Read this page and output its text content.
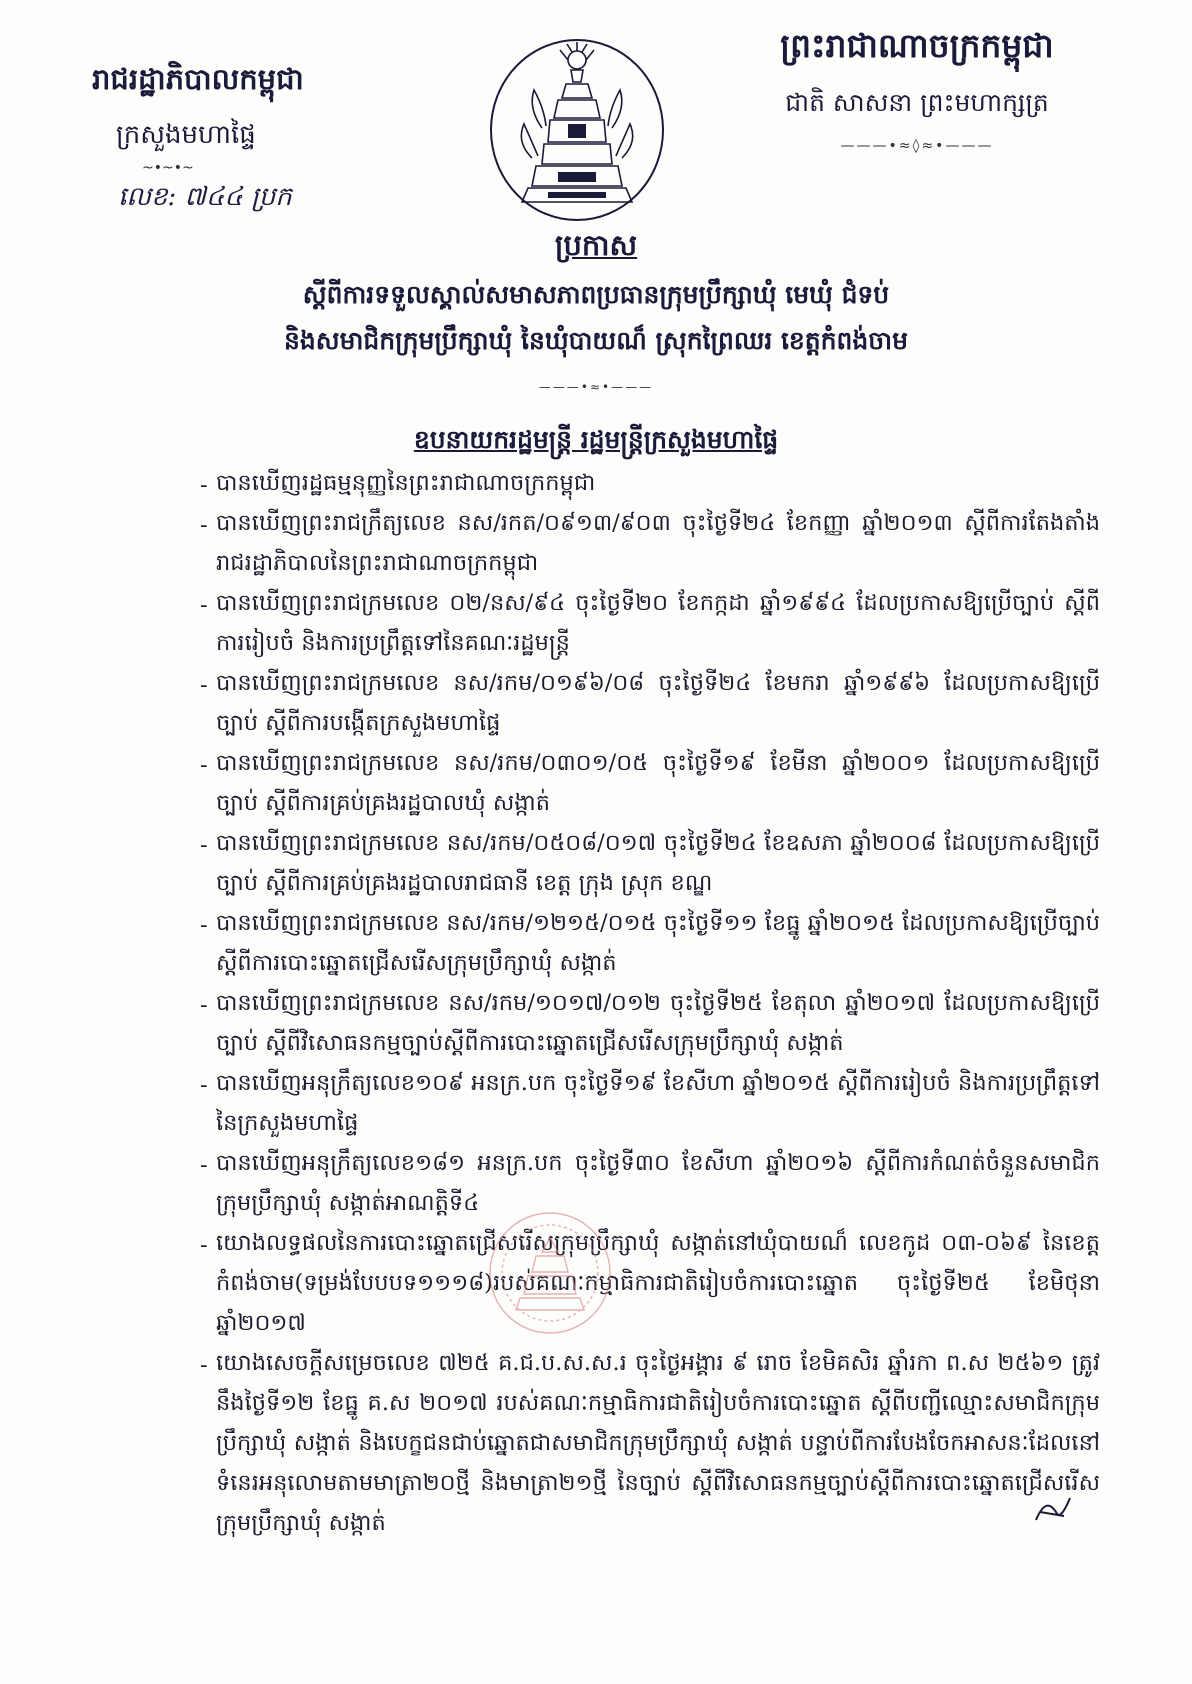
ព្រះរាជាណាចក្រកម្ពុជា
ជាតិ សាសនា ព្រះមហាក្សត្រ
———•≈◊≈•———
រាជរដ្ឋាភិបាលកម្ពុជា
ក្រសួងមហាផ្ទៃ
~•~•~
លេខ: ៧៤៤ ប្រក
ប្រកាស
ស្តីពីការទទួលស្គាល់សមាសភាពប្រធានក្រុមប្រឹក្សាឃុំ មេឃុំ ជំទប់
និងសមាជិកក្រុមប្រឹក្សាឃុំ នៃឃុំបាយណ៏ ស្រុកព្រៃឈរ ខេត្តកំពង់ចាម
———•≈•———
ឧបនាយករដ្ឋមន្ត្រី រដ្ឋមន្ត្រីក្រសួងមហាផ្ទៃ
- បានឃើញរដ្ឋធម្មនុញ្ញនៃព្រះរាជាណាចក្រកម្ពុជា
- បានឃើញព្រះរាជក្រឹត្យលេខ នស/រកត/០៩១៣/៩០៣ ចុះថ្ងៃទី២៤ ខែកញ្ញា ឆ្នាំ២០១៣ ស្តីពីការតែងតាំងរាជរដ្ឋាភិបាលនៃព្រះរាជាណាចក្រកម្ពុជា
- បានឃើញព្រះរាជក្រមលេខ ០២/នស/៩៤ ចុះថ្ងៃទី២០ ខែកក្កដា ឆ្នាំ១៩៩៤ ដែលប្រកាសឱ្យប្រើច្បាប់ ស្តីពីការរៀបចំ និងការប្រព្រឹត្តទៅនៃគណៈរដ្ឋមន្ត្រី
- បានឃើញព្រះរាជក្រមលេខ នស/រកម/០១៩៦/០៨ ចុះថ្ងៃទី២៤ ខែមករា ឆ្នាំ១៩៩៦ ដែលប្រកាសឱ្យប្រើច្បាប់ ស្តីពីការបង្កើតក្រសួងមហាផ្ទៃ
- បានឃើញព្រះរាជក្រមលេខ នស/រកម/០៣០១/០៥ ចុះថ្ងៃទី១៩ ខែមីនា ឆ្នាំ២០០១ ដែលប្រកាសឱ្យប្រើច្បាប់ ស្តីពីការគ្រប់គ្រងរដ្ឋបាលឃុំ សង្កាត់
- បានឃើញព្រះរាជក្រមលេខ នស/រកម/០៥០៨/០១៧ ចុះថ្ងៃទី២៤ ខែឧសភា ឆ្នាំ២០០៨ ដែលប្រកាសឱ្យប្រើច្បាប់ ស្តីពីការគ្រប់គ្រងរដ្ឋបាលរាជធានី ខេត្ត ក្រុង ស្រុក ខណ្ឌ
- បានឃើញព្រះរាជក្រមលេខ នស/រកម/១២១៥/០១៥ ចុះថ្ងៃទី១១ ខែធ្នូ ឆ្នាំ២០១៥ ដែលប្រកាសឱ្យប្រើច្បាប់ ស្តីពីការបោះឆ្នោតជ្រើសរើសក្រុមប្រឹក្សាឃុំ សង្កាត់
- បានឃើញព្រះរាជក្រមលេខ នស/រកម/១០១៧/០១២ ចុះថ្ងៃទី២៥ ខែតុលា ឆ្នាំ២០១៧ ដែលប្រកាសឱ្យប្រើច្បាប់ ស្តីពីវិសោធនកម្មច្បាប់ស្តីពីការបោះឆ្នោតជ្រើសរើសក្រុមប្រឹក្សាឃុំ សង្កាត់
- បានឃើញអនុក្រឹត្យលេខ១០៩ អនក្រ.បក ចុះថ្ងៃទី១៩ ខែសីហា ឆ្នាំ២០១៥ ស្តីពីការរៀបចំ និងការប្រព្រឹត្តទៅនៃក្រសួងមហាផ្ទៃ
- បានឃើញអនុក្រឹត្យលេខ១៨១ អនក្រ.បក ចុះថ្ងៃទី៣០ ខែសីហា ឆ្នាំ២០១៦ ស្តីពីការកំណត់ចំនួនសមាជិកក្រុមប្រឹក្សាឃុំ សង្កាត់អាណត្តិទី៤
- យោងលទ្ធផលនៃការបោះឆ្នោតជ្រើសរើសក្រុមប្រឹក្សាឃុំ សង្កាត់នៅឃុំបាយណ៏ លេខកូដ ០៣-០៦៩ នៃខេត្តកំពង់ចាម(ទម្រង់បែបបទ១១១៨)របស់គណៈកម្មាធិការជាតិរៀបចំការបោះឆ្នោត ចុះថ្ងៃទី២៥ ខែមិថុនា ឆ្នាំ២០១៧
- យោងសេចក្តីសម្រេចលេខ ៧២៥ គ.ជ.ប.ស.ស.រ ចុះថ្ងៃអង្គារ ៩ រោច ខែមិគសិរ ឆ្នាំរកា ព.ស ២៥៦១ ត្រូវនឹងថ្ងៃទី១២ ខែធ្នូ គ.ស ២០១៧ របស់គណៈកម្មាធិការជាតិរៀបចំការបោះឆ្នោត ស្តីពីបញ្ជីឈ្មោះសមាជិកក្រុមប្រឹក្សាឃុំ សង្កាត់ និងបេក្ខជនជាប់ឆ្នោតជាសមាជិកក្រុមប្រឹក្សាឃុំ សង្កាត់ បន្ទាប់ពីការបែងចែកអាសនៈដែលនៅទំនេរអនុលោមតាមមាត្រា២០ថ្មី និងមាត្រា២១ថ្មី នៃច្បាប់ ស្តីពីវិសោធនកម្មច្បាប់ស្តីពីការបោះឆ្នោតជ្រើសរើសក្រុមប្រឹក្សាឃុំ សង្កាត់
